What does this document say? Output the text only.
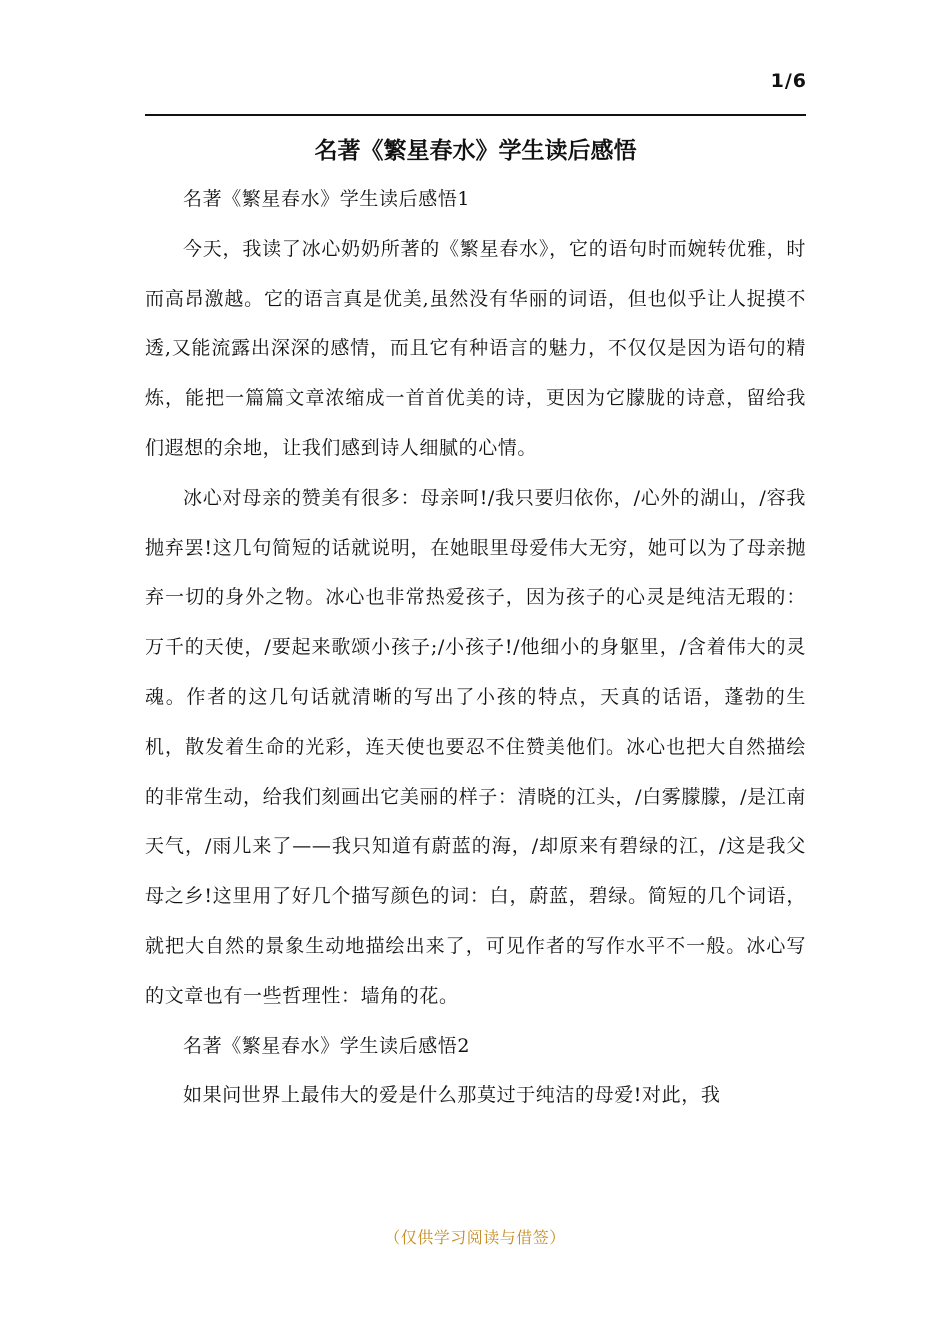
1/6
名著《繁星春水》学生读后感悟

名著《繁星春水》学生读后感悟1

今天，我读了冰心奶奶所著的《繁星春水》，它的语句时而婉转优雅，时而高昂激越。它的语言真是优美,虽然没有华丽的词语，但也似乎让人捉摸不透,又能流露出深深的感情，而且它有种语言的魅力，不仅仅是因为语句的精炼，能把一篇篇文章浓缩成一首首优美的诗，更因为它朦胧的诗意，留给我们遐想的余地，让我们感到诗人细腻的心情。

冰心对母亲的赞美有很多：母亲呵!/我只要归依你，/心外的湖山，/容我抛弃罢!这几句简短的话就说明，在她眼里母爱伟大无穷，她可以为了母亲抛弃一切的身外之物。冰心也非常热爱孩子，因为孩子的心灵是纯洁无瑕的：万千的天使，/要起来歌颂小孩子;/小孩子!/他细小的身躯里，/含着伟大的灵魂。作者的这几句话就清晰的写出了小孩的特点，天真的话语，蓬勃的生机，散发着生命的光彩，连天使也要忍不住赞美他们。冰心也把大自然描绘的非常生动，给我们刻画出它美丽的样子：清晓的江头，/白雾朦朦，/是江南天气，/雨儿来了——我只知道有蔚蓝的海，/却原来有碧绿的江，/这是我父母之乡!这里用了好几个描写颜色的词：白，蔚蓝，碧绿。简短的几个词语，就把大自然的景象生动地描绘出来了，可见作者的写作水平不一般。冰心写的文章也有一些哲理性：墙角的花。

名著《繁星春水》学生读后感悟2

如果问世界上最伟大的爱是什么那莫过于纯洁的母爱!对此，我

（仅供学习阅读与借签）
